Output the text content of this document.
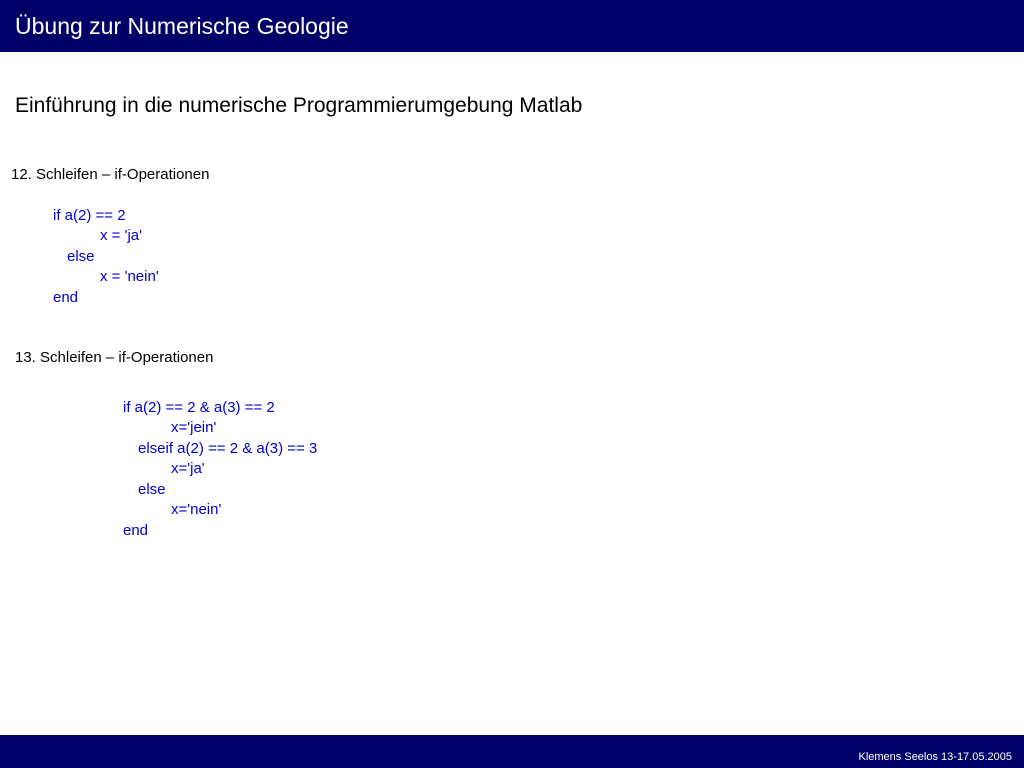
Übung zur Numerische Geologie
Einführung in die numerische Programmierumgebung Matlab
12. Schleifen – if-Operationen
if a(2) == 2
x = 'ja'
else
x = 'nein'
end
13. Schleifen – if-Operationen
if a(2) == 2 & a(3) == 2
x='jein'
elseif a(2) == 2 & a(3) == 3
x='ja'
else
x='nein'
end
Klemens Seelos 13-17.05.2005
